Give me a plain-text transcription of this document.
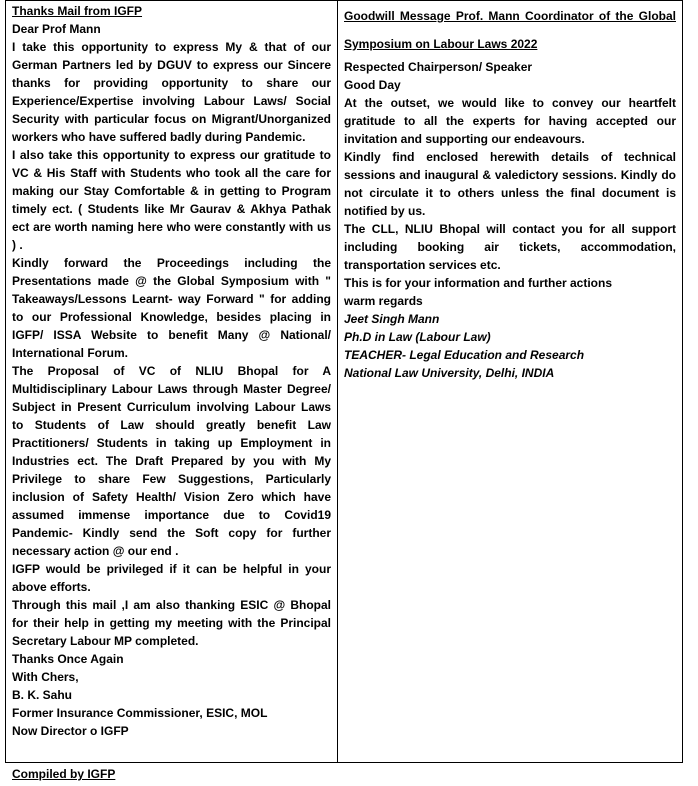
Thanks Mail from IGFP

Dear Prof Mann

I take this opportunity to express My & that of our German Partners led by DGUV to express our Sincere thanks for providing opportunity to share our Experience/Expertise involving Labour Laws/ Social Security with particular focus on Migrant/Unorganized workers who have suffered badly during Pandemic.

I also take this opportunity to express our gratitude to VC & His Staff with Students who took all the care for making our Stay Comfortable & in getting to Program timely ect. ( Students like Mr Gaurav & Akhya Pathak ect are worth naming here who were constantly with us ) .

Kindly forward the Proceedings including the Presentations made @ the Global Symposium with " Takeaways/Lessons Learnt- way Forward " for adding to our Professional Knowledge, besides placing in IGFP/ ISSA Website to benefit Many @ National/ International Forum.

The Proposal of VC of NLIU Bhopal for A Multidisciplinary Labour Laws through Master Degree/ Subject in Present Curriculum involving Labour Laws to Students of Law should greatly benefit Law Practitioners/ Students in taking up Employment in Industries ect. The Draft Prepared by you with My Privilege to share Few Suggestions, Particularly inclusion of Safety Health/ Vision Zero which have assumed immense importance due to Covid19 Pandemic- Kindly send the Soft copy for further necessary action @ our end .

IGFP would be privileged if it can be helpful in your above efforts.

Through this mail ,I am also thanking ESIC @ Bhopal for their help in getting my meeting with the Principal Secretary Labour MP completed.

Thanks Once Again

With Chers,

B. K. Sahu

Former Insurance Commissioner, ESIC, MOL

Now Director o IGFP

Goodwill Message Prof. Mann Coordinator of the Global Symposium on Labour Laws 2022

Respected Chairperson/ Speaker

Good Day

At the outset, we would like to convey our heartfelt gratitude to all the experts for having accepted our invitation and supporting our endeavours.

Kindly find enclosed herewith details of technical sessions and inaugural & valedictory sessions. Kindly do not circulate it to others unless the final document is notified by us.

The CLL, NLIU Bhopal will contact you for all support including booking air tickets, accommodation, transportation services etc.

This is for your information and further actions

warm regards

Jeet Singh Mann

Ph.D in Law (Labour Law)

TEACHER- Legal Education and Research

National Law University, Delhi, INDIA

Compiled by IGFP
